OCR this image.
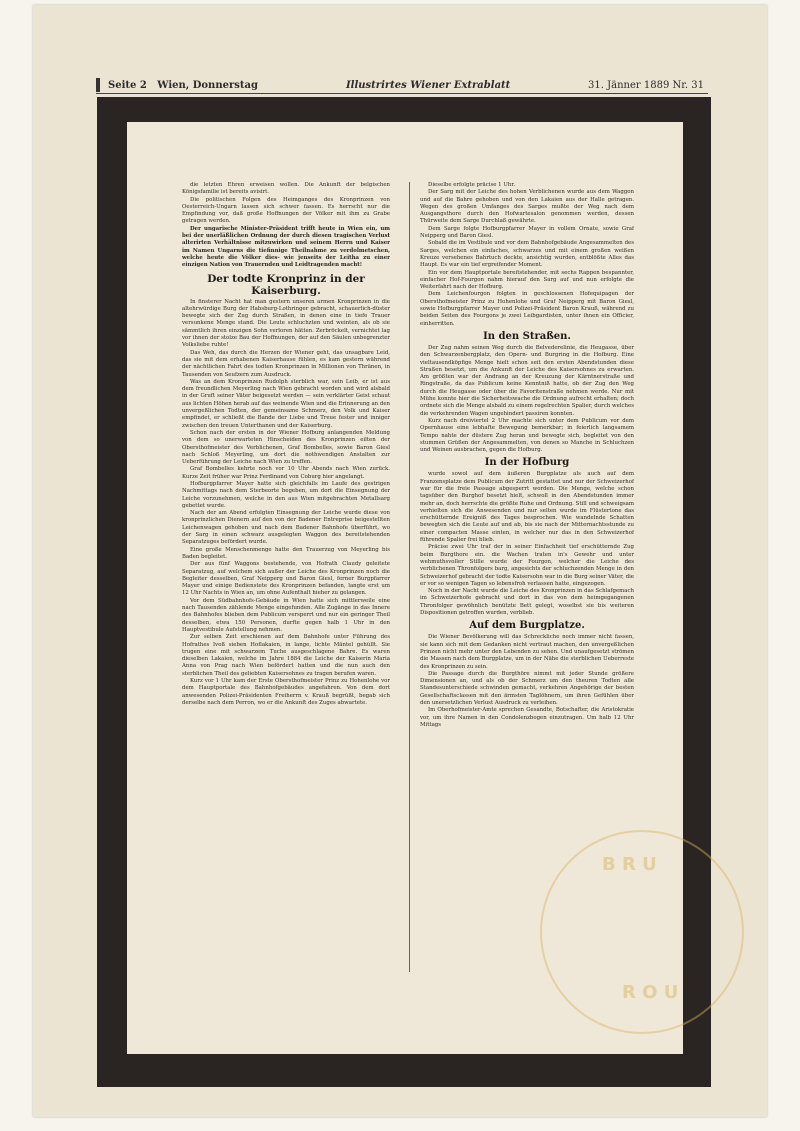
Seite 2 Wien, Donnerstag	Illustrirtes Wiener Extrablatt	31. Jänner 1889 Nr. 31

die letzten Ehren erweisen wollen. Die Ankunft der belgischen Königsfamilie ist bereits avisirt.

Die politischen Folgen des Heimganges des Kronprinzen von Oesterreich-Ungarn lassen sich schwer fassen. Es herrscht nur die Empfindung vor, daß große Hoffnungen der Völker mit ihm zu Grabe getragen werden.

Der ungarische Minister-Präsident trifft heute in Wien ein, um bei der unerläßlichen Ordnung der durch diesen tragischen Verlust alterirten Verhältnisse mitzuwirken und seinem Herrn und Kaiser im Namen Ungarns die tiefinnige Theilnahme zu verdolmetschen, welche heute die Völker dies- wie jenseits der Leitha zu einer einzigen Nation von Trauernden und Leidtragenden macht!

Der todte Kronprinz in der Kaiserburg.

In finsterer Nacht hat man gestern unseren armen Kronprinzen in die altehrwürdige Burg der Habsburg-Lothringer gebracht, schauerlich-düster bewegte sich der Zug durch Straßen, in denen eine in tiefe Trauer versunkene Menge stand. Die Leute schluchzten und weinten, als ob sie sämmtlich ihren einzigen Sohn verloren hätten. Zerbröckelt, vernichtet lag vor ihnen der stolze Bau der Hoffnungen, der auf den Säulen unbegrenzter Volksliebe ruhte!

Das Weh, das durch die Herzen der Wiener geht, das unsagbare Leid, das sie mit dem erhabenen Kaiserhause fühlen, es kam gestern während der nächtlichen Fahrt des todten Kronprinzen in Millionen von Thränen, in Tausenden von Seufzern zum Ausdruck.

Was an dem Kronprinzen Rudolph sterblich war, sein Leib, er ist aus dem freundlichen Meyerling nach Wien gebracht worden und wird alsbald in der Gruft seiner Väter beigesetzt werden — sein verklärter Geist schaut aus lichten Höhen herab auf das weinende Wien und die Erinnerung an den unvergeßlichen Todten, der gemeinsame Schmerz, den Volk und Kaiser empfindet, er schließt die Bande der Liebe und Treue fester und inniger zwischen den treuen Unterthanen und der Kaiserburg.

Schon nach der ersten in der Wiener Hofburg anlangenden Meldung von dem so unerwarteten Hinscheiden des Kronprinzen eilten der Obersthofmeister des Verblichenen, Graf Bombelles, sowie Baron Giesl nach Schloß Meyerling, um dort die nothwendigen Anstalten zur Ueberführung der Leiche nach Wien zu treffen.

Graf Bombelles kehrte noch vor 10 Uhr Abends nach Wien zurück. Kurze Zeit früher war Prinz Ferdinand von Coburg hier angelangt.

Hofburgpfarrer Mayer hatte sich gleichfalls im Laufe des gestrigen Nachmittags nach dem Sterbeorte begeben, um dort die Einsegnung der Leiche vorzunehmen, welche in den aus Wien mitgebrachten Metallsarg gebettet wurde.

Nach der am Abend erfolgten Einsegnung der Leiche wurde diese von kronprinzlichen Dienern auf den von der Badener Entreprise beigestellten Leichenwagen gehoben und nach dem Badener Bahnhofe überführt, wo der Sarg in einen schwarz ausgelegten Waggon des bereitstehenden Separatzuges befördert wurde.

Eine große Menschenmenge hatte den Trauerzug von Meyerling bis Baden begleitet.

Der aus fünf Waggons bestehende, von Hofrath Claudy geleitete Separatzug, auf welchem sich außer der Leiche des Kronprinzen noch die Begleiter desselben, Graf Neipperg und Baron Giesl, ferner Burgpfarrer Mayer und einige Bedienstete des Kronprinzen befanden, langte erst um 12 Uhr Nachts in Wien an, um ohne Aufenthalt hieher zu gelangen.

Vor dem Südbahnhofs-Gebäude in Wien hatte sich mittlerweile eine nach Tausenden zählende Menge eingefunden. Alle Zugänge in das Innere des Bahnhofes blieben dem Publicum versperrt und nur ein geringer Theil desselben, etwa 150 Personen, durfte gegen halb 1 Uhr in den Hauptvestibule Aufstellung nehmen.

Zur selben Zeit erschienen auf dem Bahnhofe unter Führung des Hofrathes Ivoß sieben Hoflakaien, in lange, lichte Mäntel gehüllt. Sie trugen eine mit schwarzem Tuche ausgeschlagene Bahre. Es waren dieselben Lakaien, welche im Jahre 1884 die Leiche der Kaiserin Maria Anna von Prag nach Wien befördert hatten und die nun auch den sterblichen Theil des geliebten Kaisersohnes zu tragen berufen waren.

Kurz vor 1 Uhr kam der Erste Obersthofmeister Prinz zu Hohenlohe vor dem Hauptportale des Bahnhofgebäudes angefahren. Von dem dort anwesenden Polizei-Präsidenten Freiherrn v. Krauß begrüßt, begab sich derselbe nach dem Perron, wo er die Ankunft des Zuges abwartete.

Dieselbe erfolgte präcise 1 Uhr.

Der Sarg mit der Leiche des hohen Verblichenen wurde aus dem Waggon und auf die Bahre gehoben und von den Lakaien aus der Halle getragen. Wegen des großen Umfanges des Sarges mußte der Weg nach dem Ausgangsthore durch den Hofwartesalon genommen werden, dessen Thürweite dem Sarge Durchlaß gewährte.

Dem Sarge folgte Hofburgpfarrer Mayer in vollem Ornate, sowie Graf Neipperg und Baron Giesl.

Sobald die im Vestibule und vor dem Bahnhofgebäude Angesammelten des Sarges, welchen ein einfaches, schwarzes und mit einem großen weißen Kreuze versehenes Bahrtuch deckte, ansichtig wurden, entblößte Alles das Haupt. Es war ein tief ergreifender Moment.

Ein vor dem Hauptportale bereitstehender, mit sechs Rappen bespannter, einfacher Hof-Fourgon nahm hierauf den Sarg auf und nun erfolgte die Weiterfahrt nach der Hofburg.

Dem Leichenfourgon folgten in geschlossenen Hofequipagen der Obersthofmeister Prinz zu Hohenlohe und Graf Neipperg mit Baron Giesl, sowie Hofburgpfarrer Mayer und Polizei-Präsident Baron Krauß, während zu beiden Seiten des Fourgons je zwei Leibgardisten, unter ihnen ein Officier, einherritten.

In den Straßen.

Der Zug nahm seinen Weg durch die Belvederelinie, die Heugasse, über den Schwarzenbergplatz, den Opern- und Burgring in die Hofburg. Eine vieltausendköpfige Menge hielt schon seit den ersten Abendstunden diese Straßen besetzt, um die Ankunft der Leiche des Kaisersohnes zu erwarten. Am größten war der Andrang an der Kreuzung der Kärntnerstraße und Ringstraße, da das Publicum keine Kenntniß hatte, ob der Zug den Weg durch die Heugasse oder über die Favoritenstraße nehmen werde. Nur mit Mühe konnte hier die Sicherheitswache die Ordnung aufrecht erhalten; doch ordnete sich die Menge alsbald zu einem regelrechten Spalier, durch welches die verkehrenden Wagen ungehindert passiren konnten.

Kurz nach dreiviertel 2 Uhr machte sich unter dem Publicum vor dem Opernhause eine lebhafte Bewegung bemerkbar; in feierlich langsamem Tempo nahte der düstere Zug heran und bewegte sich, begleitet von den stummen Grüßen der Angesammelten, von denen so Manche in Schluchzen und Weinen ausbrachen, gegen die Hofburg.

In der Hofburg

wurde sowol auf dem äußeren Burgplatze als auch auf dem Franzensplatze dem Publicum der Zutritt gestattet und nur der Schweizerhof war für die freie Passage abgesperrt worden. Die Menge, welche schon tagsüber den Burghof besetzt hielt, schwoll in den Abendstunden immer mehr an, doch herrschte die größte Ruhe und Ordnung. Still und schweigsam verhielten sich die Anwesenden und nur selten wurde im Flüstertone das erschütternde Ereigniß des Tages besprochen. Wie wandelnde Schatten bewegten sich die Leute auf und ab, bis sie nach der Mitternachtsstunde zu einer compacten Masse einten, in welcher nur das in den Schweizerhof führende Spalier frei blieb.

Präcise zwei Uhr traf der in seiner Einfachheit tief erschütternde Zug beim Burgthore ein. die Wachen traten in's Gewehr und unter wehmuthsvoller Stille wurde der Fourgon, welcher die Leiche des verblichenen Thronfolgers barg, angesichts der schluchzenden Menge in den Schweizerhof gebracht der todte Kaisersohn war in die Burg seiner Väter, die er vor so wenigen Tagen so lebensfroh verlassen hatte, eingezogen.

Noch in der Nacht wurde die Leiche des Kronprinzen in das Schlafgemach im Schweizerhofe gebracht und dort in das von dem heimgegangenen Thronfolger gewöhnlich benützte Bett gelegt, woselbst sie bis weiteren Dispositionen getroffen wurden, verblieb.

Auf dem Burgplatze.

Die Wiener Bevölkerung will das Schreckliche noch immer nicht fassen, sie kann sich mit dem Gedanken nicht vertraut machen, den unvergeßlichen Prinzen nicht mehr unter den Lebenden zu sehen. Und unaufgesetzt strömen die Massen nach dem Burgplatze, um in der Nähe die sterblichen Ueberreste des Kronprinzen zu sein.

Die Passage durch die Burgthöre nimmt mit jeder Stunde größere Dimensionen an, und als ob der Schmerz um den theuren Todten alle Standesunterschiede schwinden gemacht, verkehren Angehörige der besten Gesellschaftsclassen mit den ärmsten Taglöhnern, um ihren Gefühlen über den unersetzlichen Verlust Ausdruck zu verleihen.

Im Oberhofmeister-Amte sprechen Gesandte, Botschafter, die Aristokratie vor, um ihre Namen in den Condolenzbogen einzutragen. Um halb 12 Uhr Mittags

B R U
R O U
